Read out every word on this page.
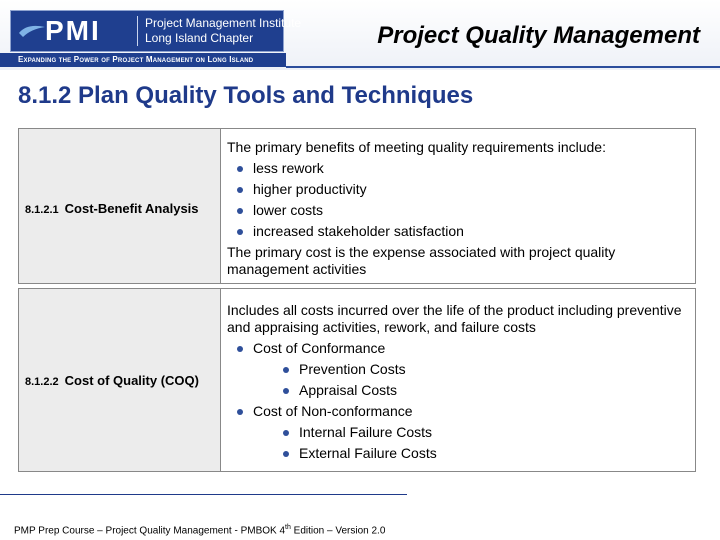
PMI	Project Management Institute
Long Island Chapter
Expanding the Power of Project Management on Long Island
Project Quality Management
8.1.2 Plan Quality Tools and Techniques
8.1.2.1 Cost-Benefit Analysis
The primary benefits of meeting quality requirements include:
less rework
higher productivity
lower costs
increased stakeholder satisfaction
The primary cost is the expense associated with project quality management activities
8.1.2.2 Cost of Quality (COQ)
Includes all costs incurred over the life of the product including preventive and appraising activities, rework, and failure costs
Cost of Conformance
Prevention Costs
Appraisal Costs
Cost of Non-conformance
Internal Failure Costs
External Failure Costs
PMP Prep Course – Project Quality Management - PMBOK 4th Edition – Version 2.0
